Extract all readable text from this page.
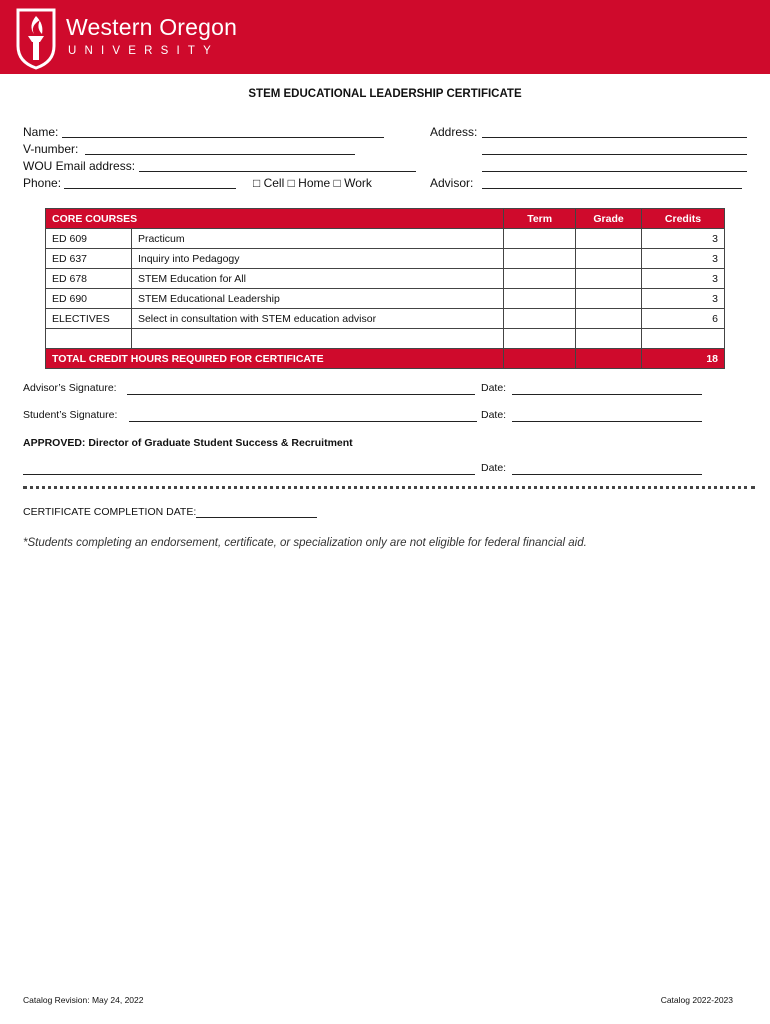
Western Oregon
UNIVERSITY
STEM EDUCATIONAL LEADERSHIP CERTIFICATE
Name:
V-number:
WOU Email address:
Phone:	□ Cell □ Home □ Work
Address:
Advisor:
CORE COURSES		Term	Grade	Credits
ED 609	Practicum			3
ED 637	Inquiry into Pedagogy			3
ED 678	STEM Education for All			3
ED 690	STEM Educational Leadership			3
ELECTIVES	Select in consultation with STEM education advisor			6

TOTAL CREDIT HOURS REQUIRED FOR CERTIFICATE				18
Advisor’s Signature:	Date:
Student’s Signature:	Date:
APPROVED: Director of Graduate Student Success & Recruitment
Date:
CERTIFICATE COMPLETION DATE:
*Students completing an endorsement, certificate, or specialization only are not eligible for federal financial aid.
Catalog Revision: May 24, 2022	Catalog 2022-2023
